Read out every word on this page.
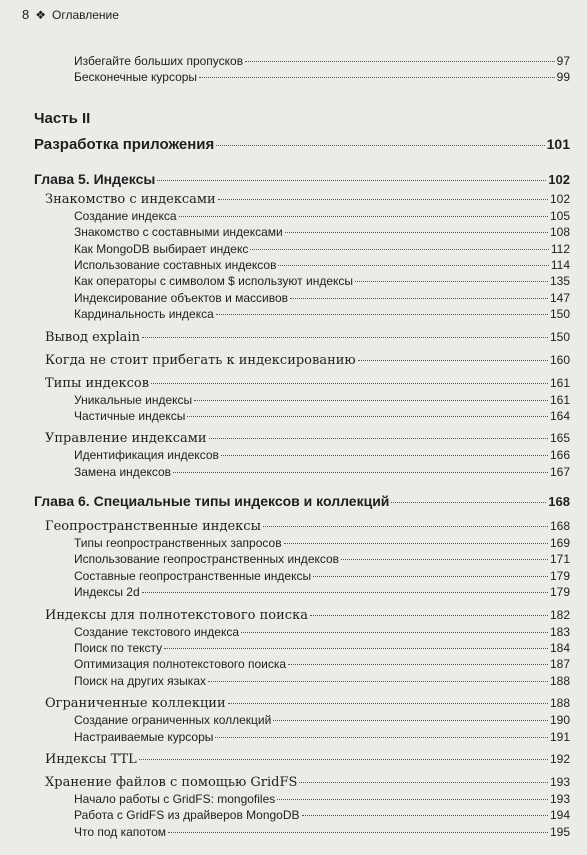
8 ❖ Оглавление
Избегайте больших пропусков	97
Бесконечные курсоры	99
Часть II
Разработка приложения	101
Глава 5. Индексы	102
Знакомство с индексами	102
Создание индекса	105
Знакомство с составными индексами	108
Как MongoDB выбирает индекс	112
Использование составных индексов	114
Как операторы с символом $ используют индексы	135
Индексирование объектов и массивов	147
Кардинальность индекса	150
Вывод explain	150
Когда не стоит прибегать к индексированию	160
Типы индексов	161
Уникальные индексы	161
Частичные индексы	164
Управление индексами	165
Идентификация индексов	166
Замена индексов	167
Глава 6. Специальные типы индексов и коллекций	168
Геопространственные индексы	168
Типы геопространственных запросов	169
Использование геопространственных индексов	171
Составные геопространственные индексы	179
Индексы 2d	179
Индексы для полнотекстового поиска	182
Создание текстового индекса	183
Поиск по тексту	184
Оптимизация полнотекстового поиска	187
Поиск на других языках	188
Ограниченные коллекции	188
Создание ограниченных коллекций	190
Настраиваемые курсоры	191
Индексы TTL	192
Хранение файлов с помощью GridFS	193
Начало работы с GridFS: mongofiles	193
Работа с GridFS из драйверов MongoDB	194
Что под капотом	195
